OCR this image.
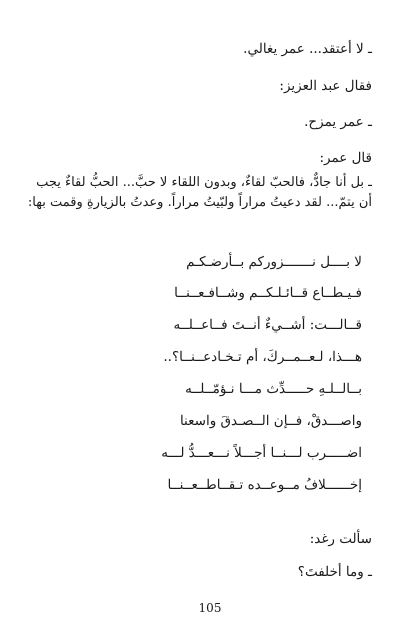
ـ لا أعتقد... عمر يغالي.
فقال عبد العزيز:
ـ عمر يمزح.
قال عمر:
ـ بل أنا جادٌّ، فالحبّ لقاءٌ، وبدون اللقاء لا حبَّ... الحبُّ لقاءٌ يجب
أن يتمّ... لقد دعيتُ مراراً ولبّيتُ مراراً. وعدتُ بالزيارةِ وقمت بها:
لا بــــل نـــــــزوركم بــأرضـكـم
فـيـطــاع قــائـلـكــم وشــافـعــنــا
قــالـــت: أشــيءٌ أنــتَ فــاعــلــه
هـــذا، لـعــمــركَ، أم تـخـادعــنــا؟..
بــالــلـهِ حـــــدِّث مـــا نـؤمّــلــه
واصـــدقْ، فــإن الــصـدقَ واسعنا
اضـــــرب لـــنــا أجـــلاً نـــعـــدُّ لـــه
إخــــــلافُ مــوعــده تـقــاطــعــنــا
سألت رغد:
ـ وما أخلفتَ؟
105
